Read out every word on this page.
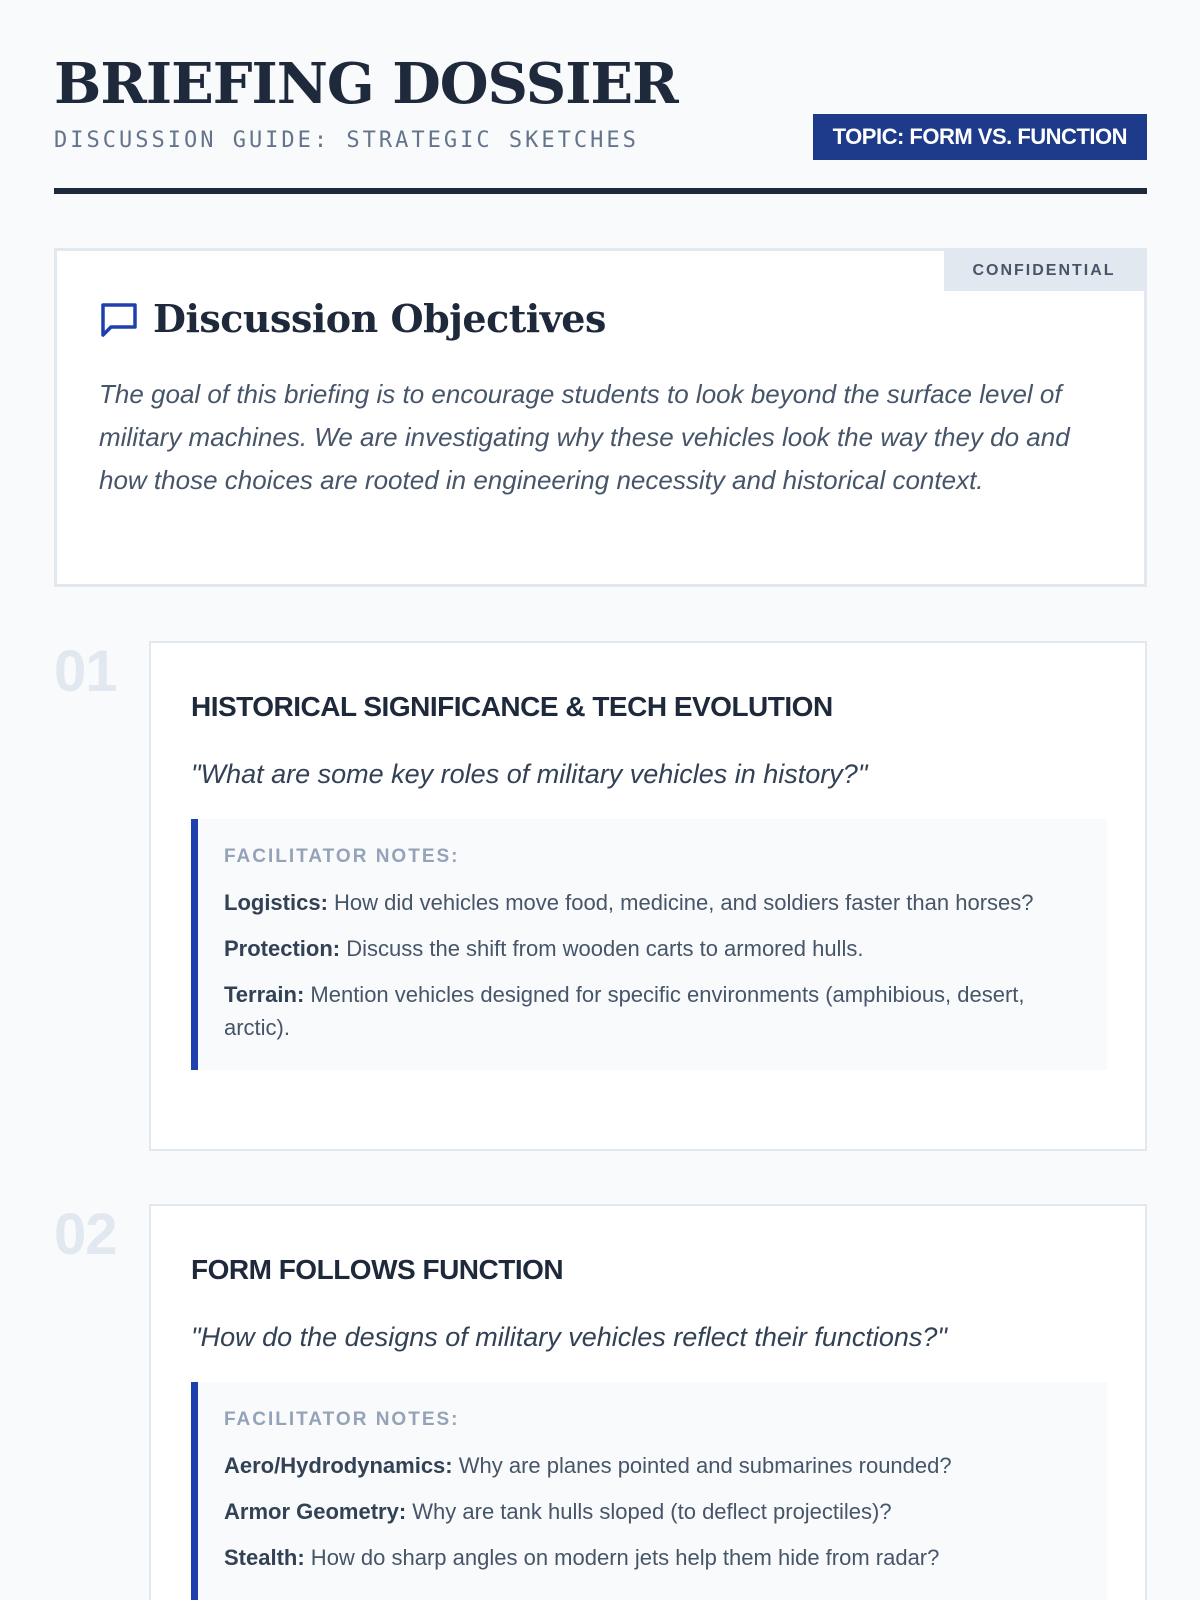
BRIEFING DOSSIER
DISCUSSION GUIDE: STRATEGIC SKETCHES	TOPIC: FORM VS. FUNCTION
CONFIDENTIAL
Discussion Objectives

The goal of this briefing is to encourage students to look beyond the surface level of military machines. We are investigating why these vehicles look the way they do and how those choices are rooted in engineering necessity and historical context.

01
HISTORICAL SIGNIFICANCE & TECH EVOLUTION

"What are some key roles of military vehicles in history?"

FACILITATOR NOTES:

Logistics: How did vehicles move food, medicine, and soldiers faster than horses?

Protection: Discuss the shift from wooden carts to armored hulls.

Terrain: Mention vehicles designed for specific environments (amphibious, desert, arctic).

02
FORM FOLLOWS FUNCTION

"How do the designs of military vehicles reflect their functions?"

FACILITATOR NOTES:

Aero/Hydrodynamics: Why are planes pointed and submarines rounded?

Armor Geometry: Why are tank hulls sloped (to deflect projectiles)?

Stealth: How do sharp angles on modern jets help them hide from radar?
